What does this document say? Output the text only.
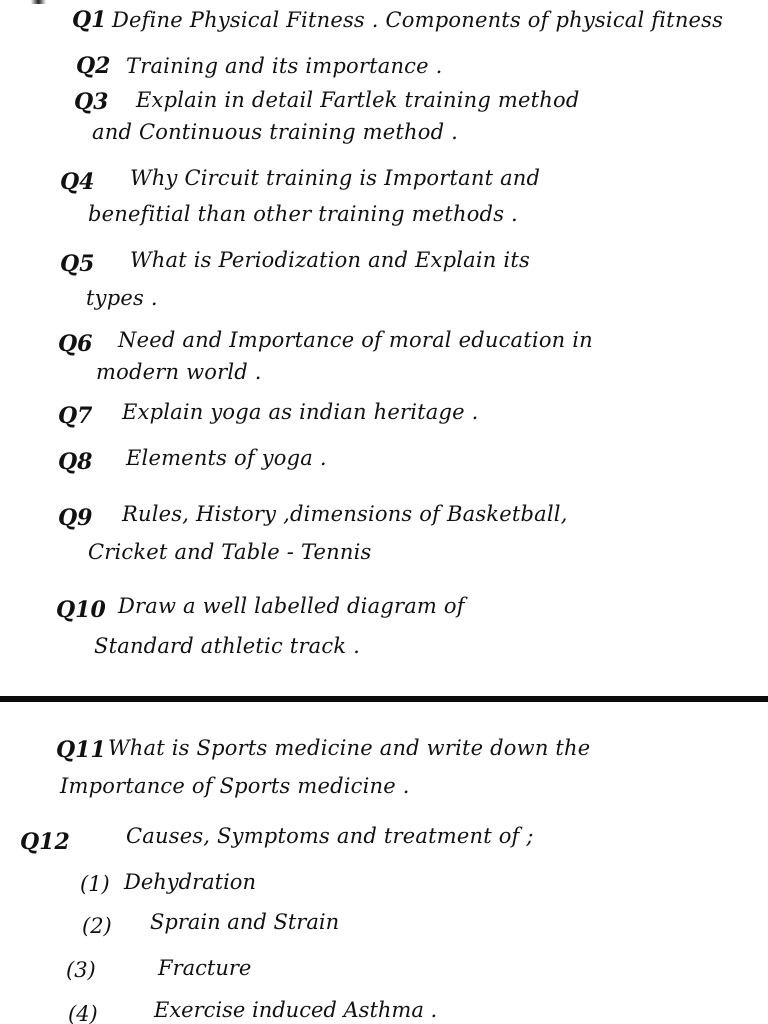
Q1 Define Physical Fitness . Components of physical fitness
Q2 Training and its importance .
Q3 Explain in detail Fartlek training method
and Continuous training method .
Q4 Why Circuit training is Important and
benefitial than other training methods .
Q5 What is Periodization and Explain its
types .
Q6 Need and Importance of moral education in
modern world .
Q7 Explain yoga as indian heritage .
Q8 Elements of yoga .
Q9 Rules, History ,dimensions of Basketball,
Cricket and Table - Tennis
Q10 Draw a well labelled diagram of
Standard athletic track .
Q11 What is Sports medicine and write down the
Importance of Sports medicine .
Q12	Causes, Symptoms and treatment of ;
(1) Dehydration
(2) Sprain and Strain
(3)	Fracture
(4)	Exercise induced Asthma .
